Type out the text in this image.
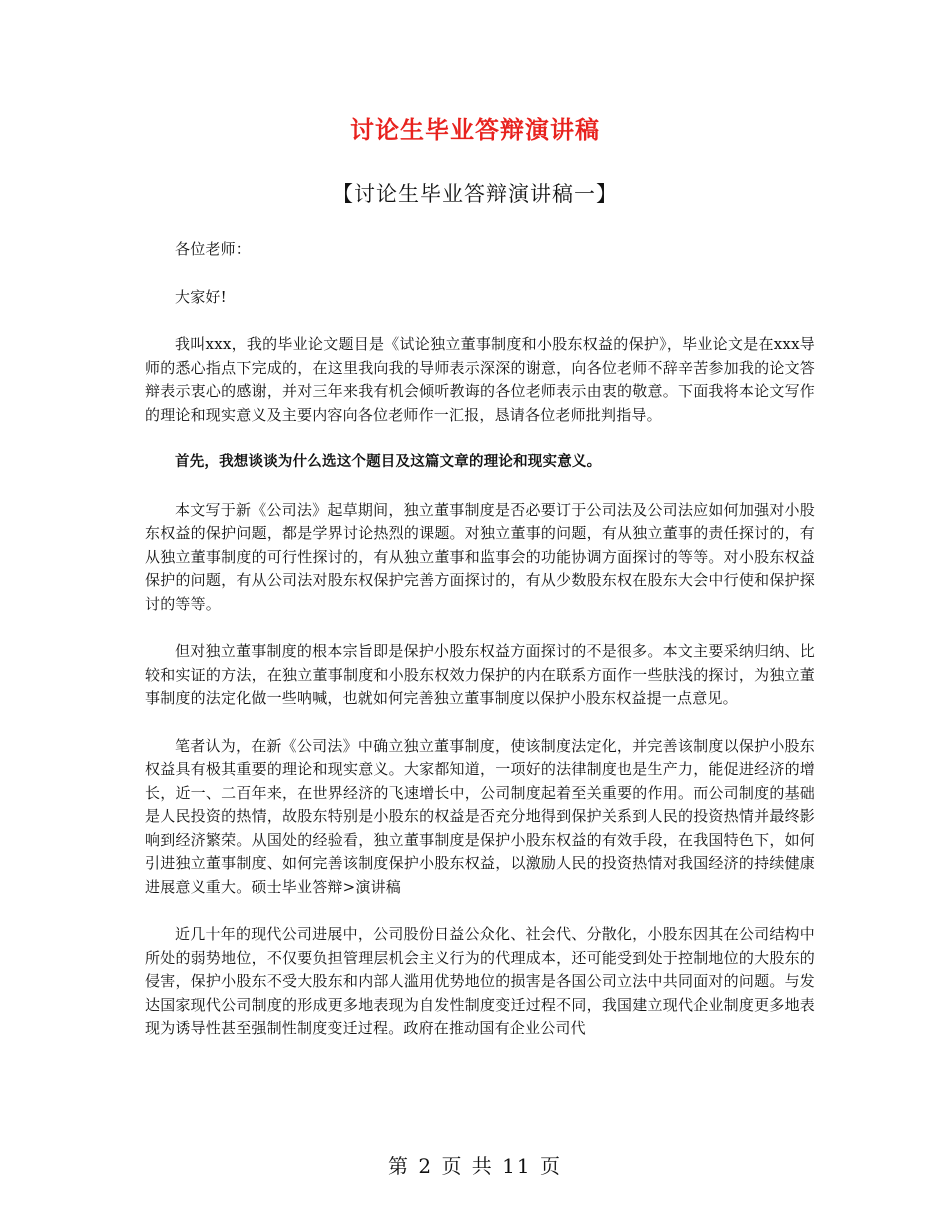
讨论生毕业答辩演讲稿
【讨论生毕业答辩演讲稿一】

各位老师：

大家好!

我叫xxx，我的毕业论文题目是《试论独立董事制度和小股东权益的保护》，毕业论文是在xxx导师的悉心指点下完成的，在这里我向我的导师表示深深的谢意，向各位老师不辞辛苦参加我的论文答辩表示衷心的感谢，并对三年来我有机会倾听教诲的各位老师表示由衷的敬意。下面我将本论文写作的理论和现实意义及主要内容向各位老师作一汇报，恳请各位老师批判指导。

首先，我想谈谈为什么选这个题目及这篇文章的理论和现实意义。

本文写于新《公司法》起草期间，独立董事制度是否必要订于公司法及公司法应如何加强对小股东权益的保护问题，都是学界讨论热烈的课题。对独立董事的问题，有从独立董事的责任探讨的，有从独立董事制度的可行性探讨的，有从独立董事和监事会的功能协调方面探讨的等等。对小股东权益保护的问题，有从公司法对股东权保护完善方面探讨的，有从少数股东权在股东大会中行使和保护探讨的等等。

但对独立董事制度的根本宗旨即是保护小股东权益方面探讨的不是很多。本文主要采纳归纳、比较和实证的方法，在独立董事制度和小股东权效力保护的内在联系方面作一些肤浅的探讨，为独立董事制度的法定化做一些呐喊，也就如何完善独立董事制度以保护小股东权益提一点意见。

笔者认为，在新《公司法》中确立独立董事制度，使该制度法定化，并完善该制度以保护小股东权益具有极其重要的理论和现实意义。大家都知道，一项好的法律制度也是生产力，能促进经济的增长，近一、二百年来，在世界经济的飞速增长中，公司制度起着至关重要的作用。而公司制度的基础是人民投资的热情，故股东特别是小股东的权益是否充分地得到保护关系到人民的投资热情并最终影响到经济繁荣。从国处的经验看，独立董事制度是保护小股东权益的有效手段，在我国特色下，如何引进独立董事制度、如何完善该制度保护小股东权益，以激励人民的投资热情对我国经济的持续健康进展意义重大。硕士毕业答辩>演讲稿

近几十年的现代公司进展中，公司股份日益公众化、社会代、分散化，小股东因其在公司结构中所处的弱势地位，不仅要负担管理层机会主义行为的代理成本，还可能受到处于控制地位的大股东的侵害，保护小股东不受大股东和内部人滥用优势地位的损害是各国公司立法中共同面对的问题。与发达国家现代公司制度的形成更多地表现为自发性制度变迁过程不同，我国建立现代企业制度更多地表现为诱导性甚至强制性制度变迁过程。政府在推动国有企业公司代

第 2 页 共 11 页
